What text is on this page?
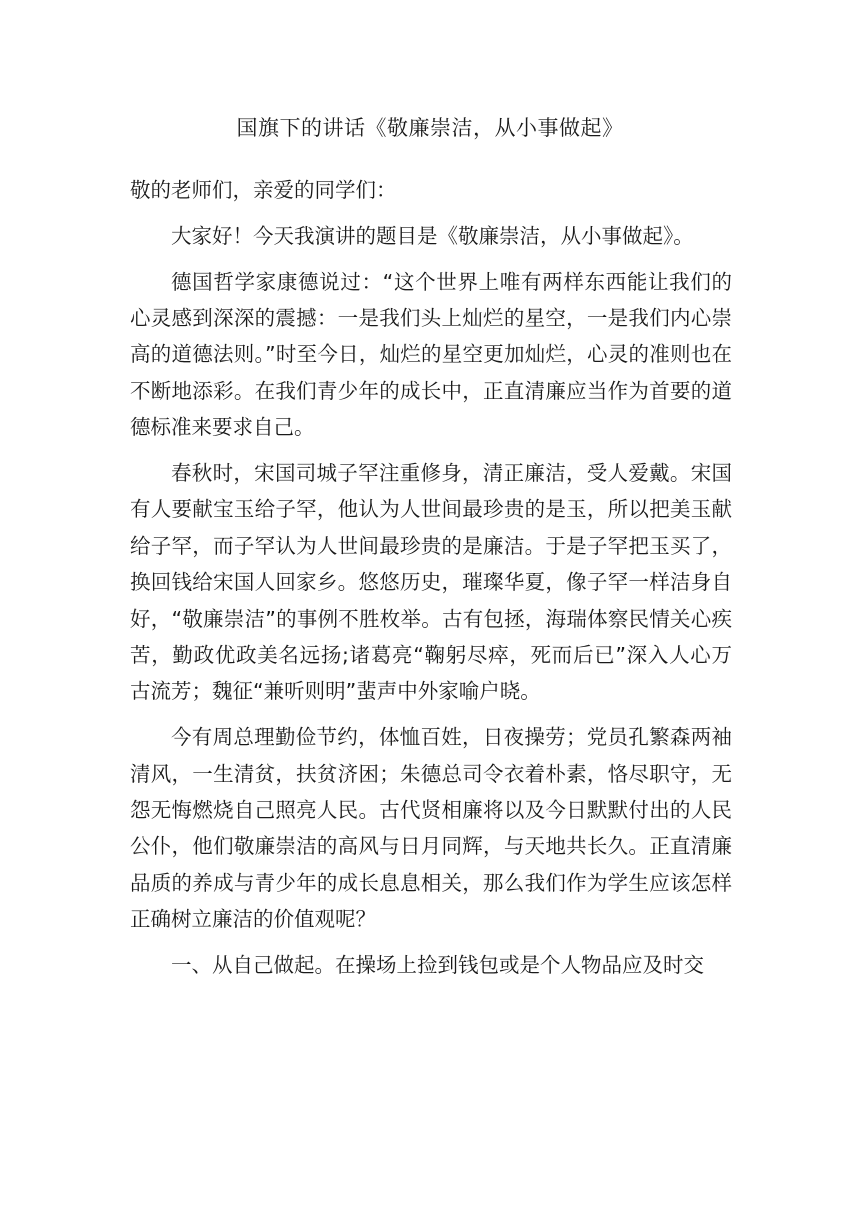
国旗下的讲话《敬廉崇洁，从小事做起》

敬的老师们，亲爱的同学们：

大家好！今天我演讲的题目是《敬廉崇洁，从小事做起》。

德国哲学家康德说过：“这个世界上唯有两样东西能让我们的心灵感到深深的震撼：一是我们头上灿烂的星空，一是我们内心崇高的道德法则。”时至今日，灿烂的星空更加灿烂，心灵的准则也在不断地添彩。在我们青少年的成长中，正直清廉应当作为首要的道德标准来要求自己。

春秋时，宋国司城子罕注重修身，清正廉洁，受人爱戴。宋国有人要献宝玉给子罕，他认为人世间最珍贵的是玉，所以把美玉献给子罕，而子罕认为人世间最珍贵的是廉洁。于是子罕把玉买了，换回钱给宋国人回家乡。悠悠历史，璀璨华夏，像子罕一样洁身自好，“敬廉崇洁”的事例不胜枚举。古有包拯，海瑞体察民情关心疾苦，勤政优政美名远扬;诸葛亮“鞠躬尽瘁，死而后已”深入人心万古流芳；魏征“兼听则明”蜚声中外家喻户晓。

今有周总理勤俭节约，体恤百姓，日夜操劳；党员孔繁森两袖清风，一生清贫，扶贫济困；朱德总司令衣着朴素，恪尽职守，无怨无悔燃烧自己照亮人民。古代贤相廉将以及今日默默付出的人民公仆，他们敬廉崇洁的高风与日月同辉，与天地共长久。正直清廉品质的养成与青少年的成长息息相关，那么我们作为学生应该怎样正确树立廉洁的价值观呢？

一、从自己做起。在操场上捡到钱包或是个人物品应及时交
